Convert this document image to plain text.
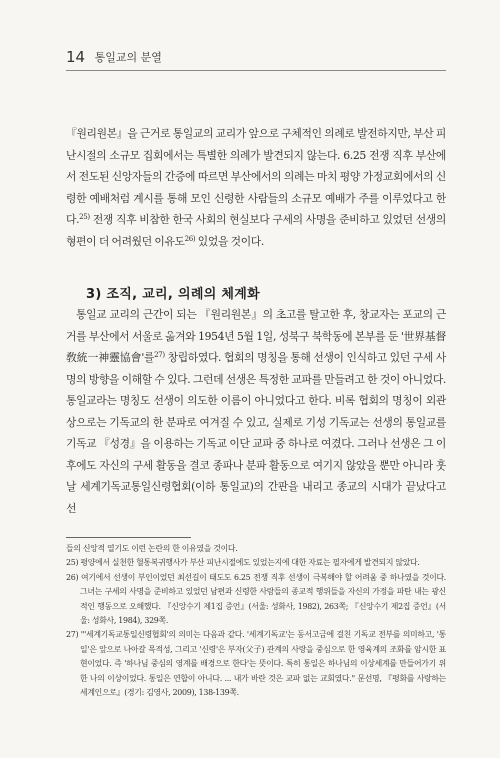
14 통일교의 분열
『원리원본』을 근거로 통일교의 교리가 앞으로 구체적인 의례로 발전하지만, 부산 피난시절의 소규모 집회에서는 특별한 의례가 발견되지 않는다. 6.25 전쟁 직후 부산에서 전도된 신앙자들의 간증에 따르면 부산에서의 의례는 마치 평양 가정교회에서의 신령한 예배처럼 계시를 통해 모인 신령한 사람들의 소규모 예배가 주를 이루었다고 한다.$^{25)}$ 전쟁 직후 비참한 한국 사회의 현실보다 구세의 사명을 준비하고 있었던 선생의 형편이 더 어려웠던 이유도$^{26)}$ 있었을 것이다.
3) 조직, 교리, 의례의 체계화
통일교 교리의 근간이 되는 『원리원본』의 초고를 탈고한 후, 창교자는 포교의 근거를 부산에서 서울로 옮겨와 1954년 5월 1일, 성북구 북학동에 본부를 둔 '世界基督敎統一神靈協會'를$^{27)}$ 창립하였다. 협회의 명칭을 통해 선생이 인식하고 있던 구세 사명의 방향을 이해할 수 있다. 그런데 선생은 특정한 교파를 만들려고 한 것이 아니었다. 통일교라는 명칭도 선생이 의도한 이름이 아니었다고 한다. 비록 협회의 명칭이 외관상으로는 기독교의 한 분파로 여겨질 수 있고, 실제로 기성 기독교는 선생의 통일교를 기독교 『성경』을 이용하는 기독교 이단 교파 중 하나로 여겼다. 그러나 선생은 그 이후에도 자신의 구세 활동을 결코 종파나 분파 활동으로 여기지 않았을 뿐만 아니라 훗날 세계기독교통일신령협회(이하 통일교)의 간판을 내리고 종교의 시대가 끝났다고 선
들의 신앙적 열기도 이런 논란의 한 이유였을 것이다.
25) 평양에서 실천한 혈통복귀행사가 부산 피난시절에도 있었는지에 대한 자료는 필자에게 발견되지 않았다.
26) 여기에서 선생이 부인이었던 최선길이 태도도 6.25 전쟁 직후 선생이 극복해야 할 어려움 중 하나였을 것이다. 그녀는 구세의 사명을 준비하고 있었던 남편과 신령한 사람들의 종교적 행위들을 자신의 가정을 파탄 내는 광신적인 행동으로 오해했다. 『신앙수기 제1집 증언』(서울: 성화사, 1982), 263쪽; 『신앙수기 제2집 증언』(서울: 성화사, 1984), 329쪽.
27) "'세계기독교통일신령협회'의 의미는 다음과 같다. '세계기독교'는 동서고금에 걸친 기독교 전부를 의미하고, '통일'은 앞으로 나아갈 목적성, 그리고 '신령'은 부자(父子) 관계의 사랑을 중심으로 한 영육계의 조화를 암시한 표현이었다. 즉 '하나님 중심의 영계를 배경으로 한다'는 뜻이다. 특히 통일은 하나님의 이상세계를 만들어가기 위한 나의 이상이었다. 통일은 연합이 아니다. ... 내가 바란 것은 교파 없는 교회였다." 문선명, 『평화를 사랑하는 세계인으로』(경기: 김영사, 2009), 138-139쪽.
